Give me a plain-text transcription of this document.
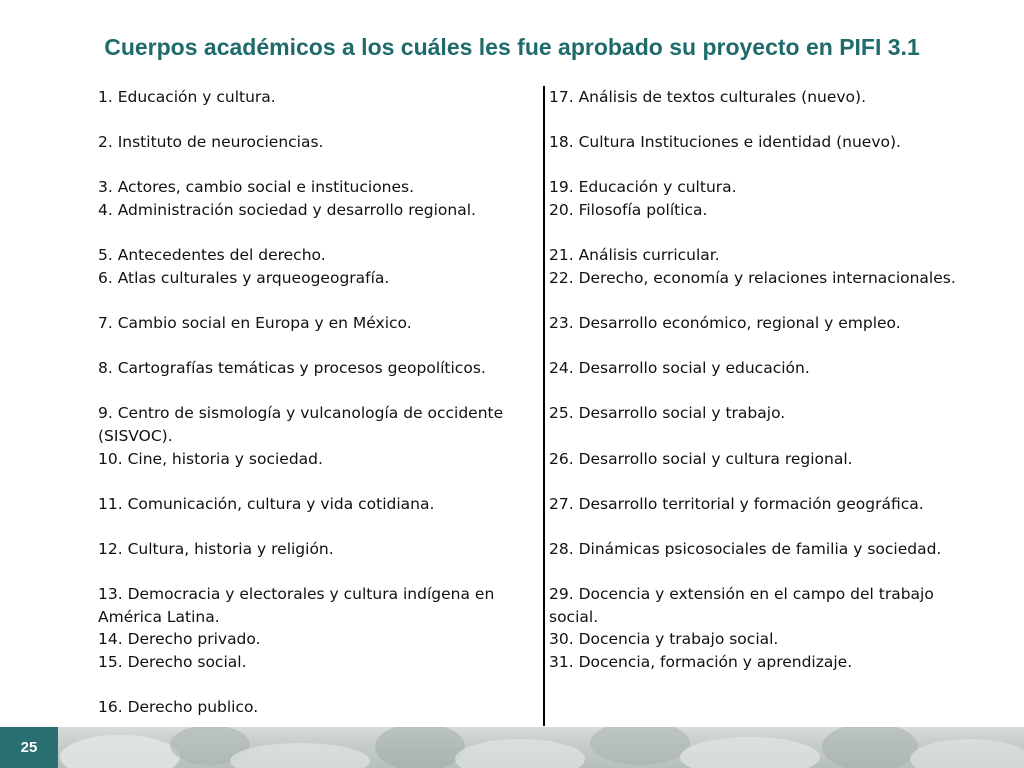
Cuerpos académicos a los cuáles les fue aprobado su proyecto en PIFI 3.1
1. Educación y cultura.
2. Instituto de neurociencias.
3. Actores, cambio social e instituciones.
4. Administración sociedad y desarrollo regional.
5. Antecedentes del derecho.
6. Atlas culturales y arqueogeografía.
7. Cambio social en Europa y en México.
8. Cartografías temáticas y procesos geopolíticos.
9. Centro de sismología y vulcanología de occidente (SISVOC).
10. Cine, historia y sociedad.
11. Comunicación, cultura y vida cotidiana.
12. Cultura, historia y religión.
13. Democracia y electorales y cultura indígena en América Latina.
14. Derecho privado.
15. Derecho social.
16. Derecho publico.
17. Análisis de textos culturales (nuevo).
18. Cultura Instituciones e identidad (nuevo).
19. Educación y cultura.
20. Filosofía política.
21. Análisis curricular.
22. Derecho, economía y relaciones internacionales.
23. Desarrollo económico, regional y empleo.
24. Desarrollo social y educación.
25. Desarrollo social y trabajo.
26. Desarrollo social y cultura regional.
27. Desarrollo territorial y formación geográfica.
28. Dinámicas psicosociales de familia y sociedad.
29. Docencia y extensión en el campo del trabajo social.
30. Docencia y trabajo social.
31. Docencia, formación y aprendizaje.
25
